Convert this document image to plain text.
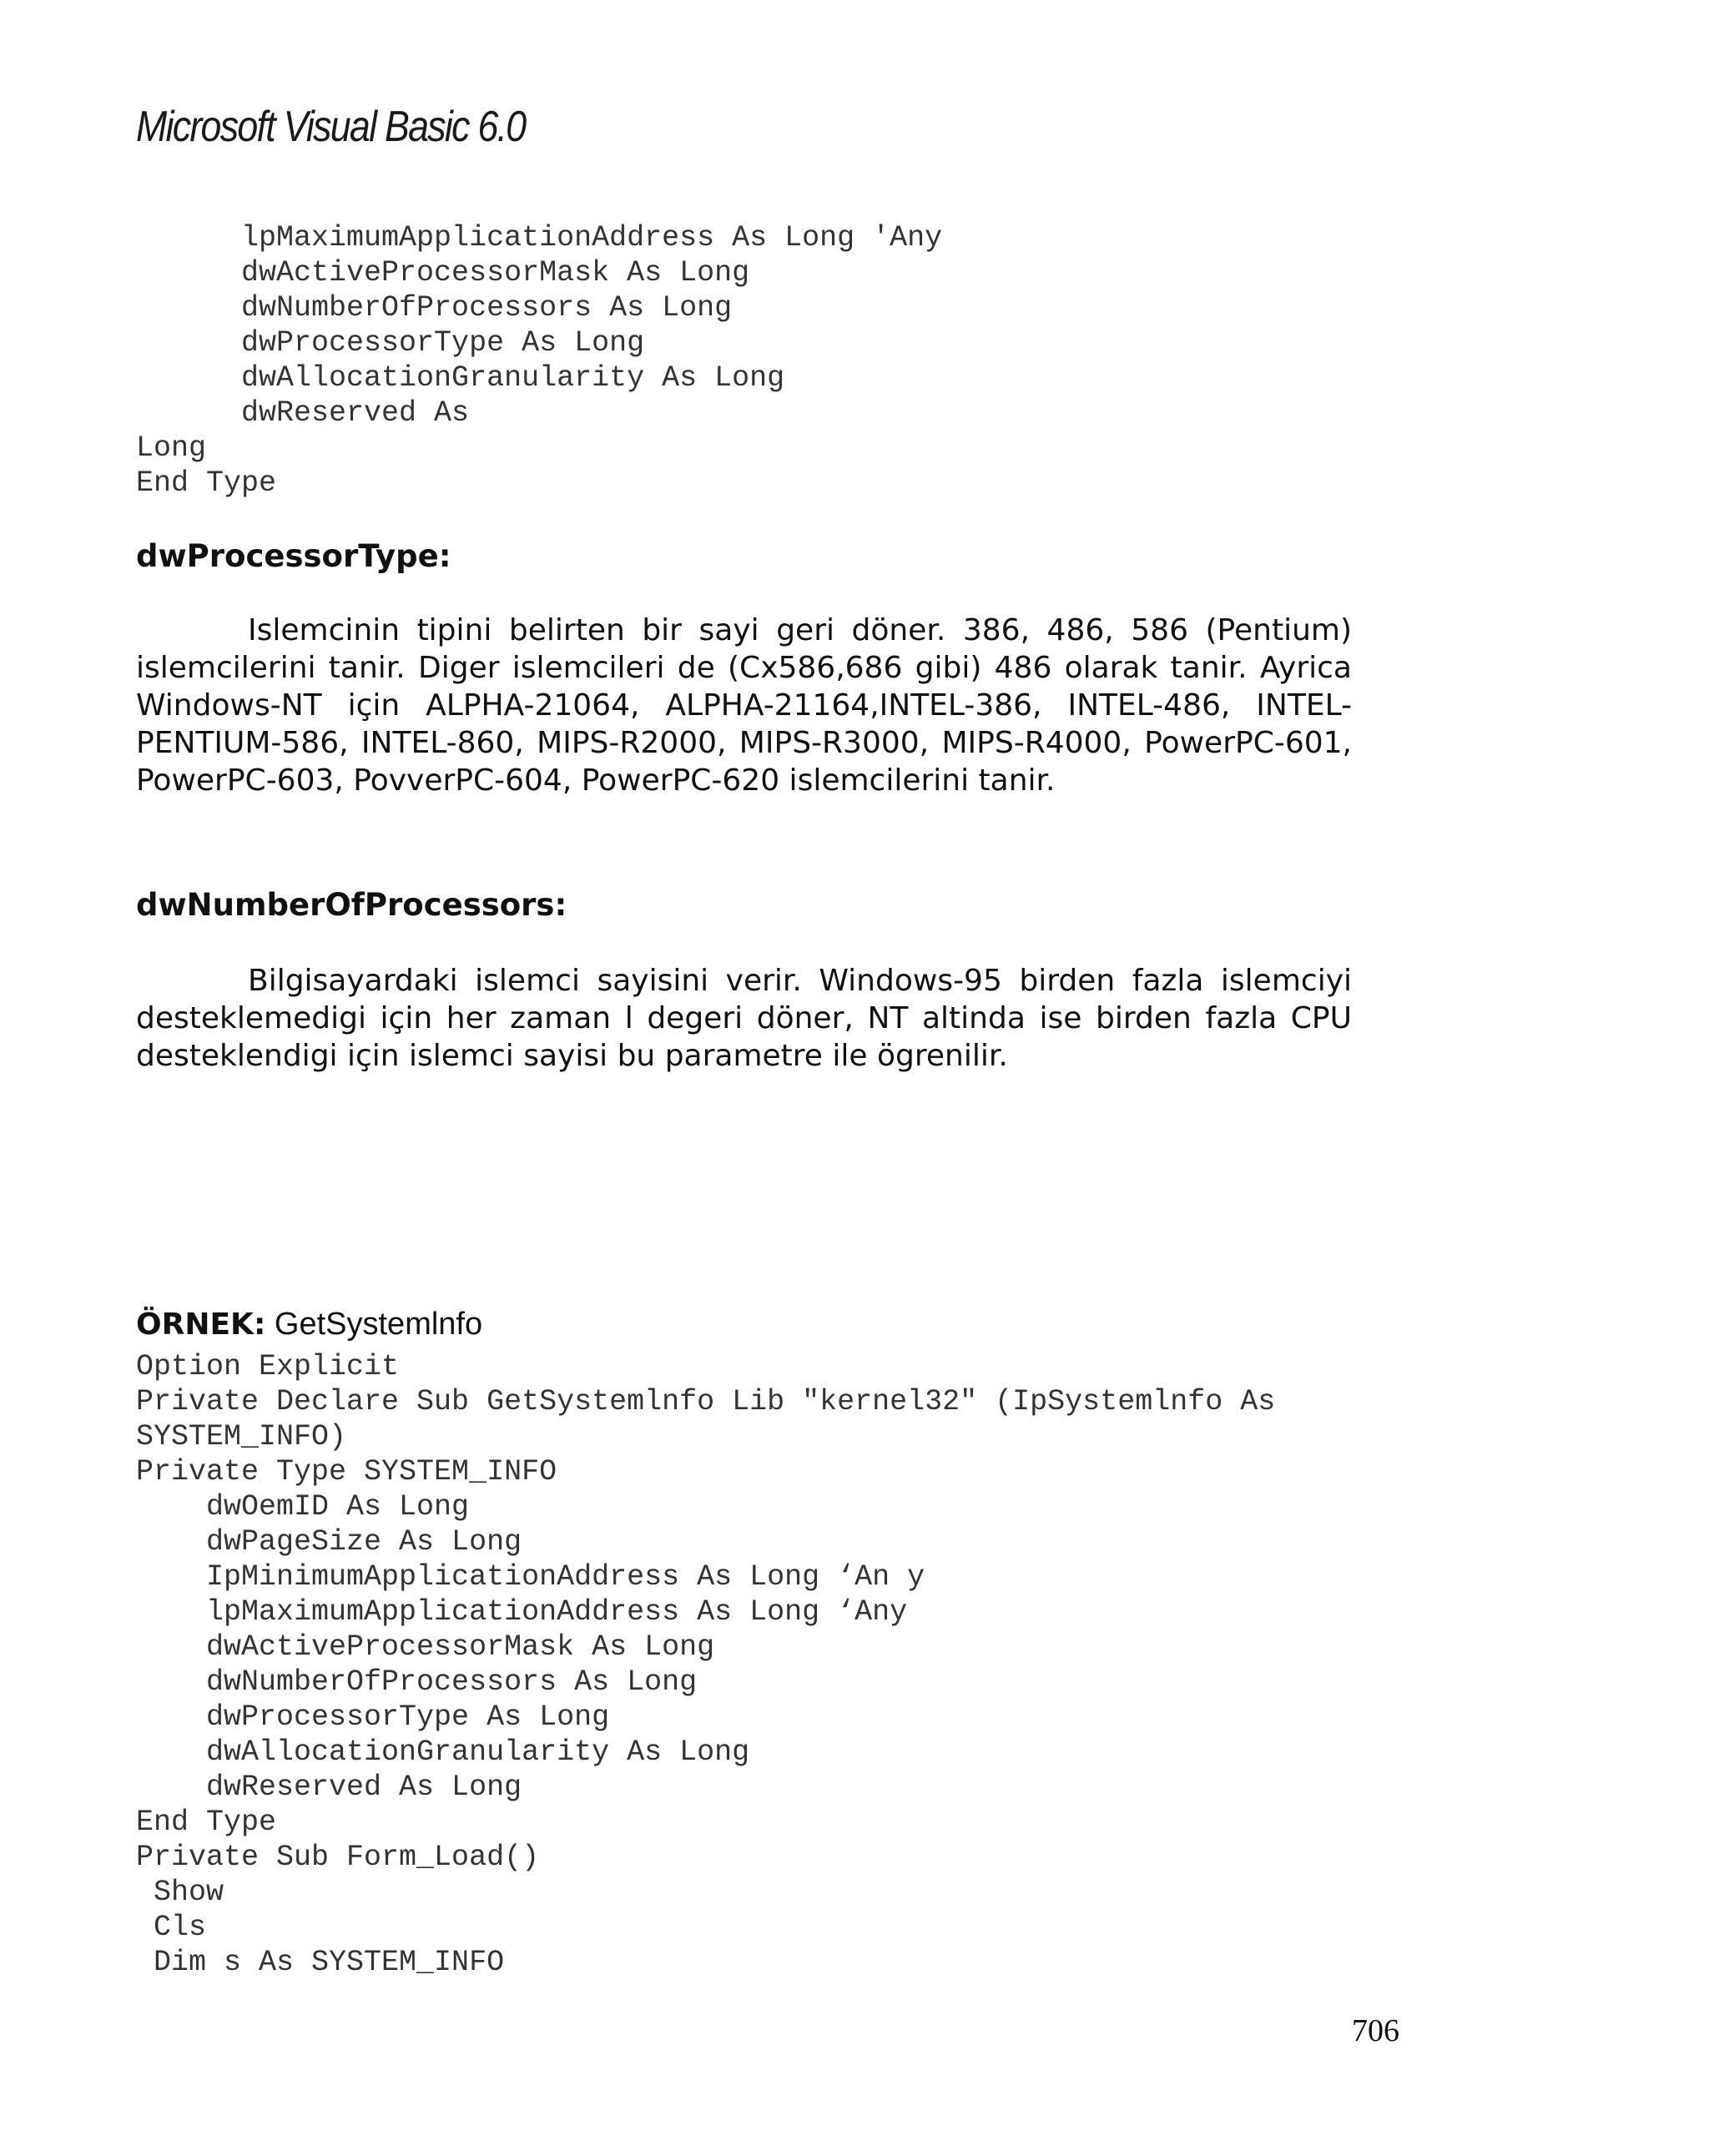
Microsoft Visual Basic 6.0
lpMaximumApplicationAddress As Long 'Any
dwActiveProcessorMask As Long
dwNumberOfProcessors As Long
dwProcessorType As Long
dwAllocationGranularity As Long
dwReserved As
Long
End Type
dwProcessorType:
Islemcinin tipini belirten bir sayi geri döner. 386, 486, 586 (Pentium) islemcilerini tanir. Diger islemcileri de (Cx586,686 gibi) 486 olarak tanir. Ayrica Windows-NT için ALPHA-21064, ALPHA-21164,INTEL-386, INTEL-486, INTEL-PENTIUM-586, INTEL-860, MIPS-R2000, MIPS-R3000, MIPS-R4000, PowerPC-601, PowerPC-603, PovverPC-604, PowerPC-620 islemcilerini tanir.
dwNumberOfProcessors:
Bilgisayardaki islemci sayisini verir. Windows-95 birden fazla islemciyi desteklemedigi için her zaman l degeri döner, NT altinda ise birden fazla CPU desteklendigi için islemci sayisi bu parametre ile ögrenilir.
ÖRNEK: GetSystemlnfo
Option Explicit
Private Declare Sub GetSystemlnfo Lib "kernel32" (IpSystemlnfo As
SYSTEM_INFO)
Private Type SYSTEM_INFO
dwOemID As Long
dwPageSize As Long
IpMinimumApplicationAddress As Long ‘An y
lpMaximumApplicationAddress As Long ‘Any
dwActiveProcessorMask As Long
dwNumberOfProcessors As Long
dwProcessorType As Long
dwAllocationGranularity As Long
dwReserved As Long
End Type
Private Sub Form_Load()
Show
Cls
Dim s As SYSTEM_INFO
706
